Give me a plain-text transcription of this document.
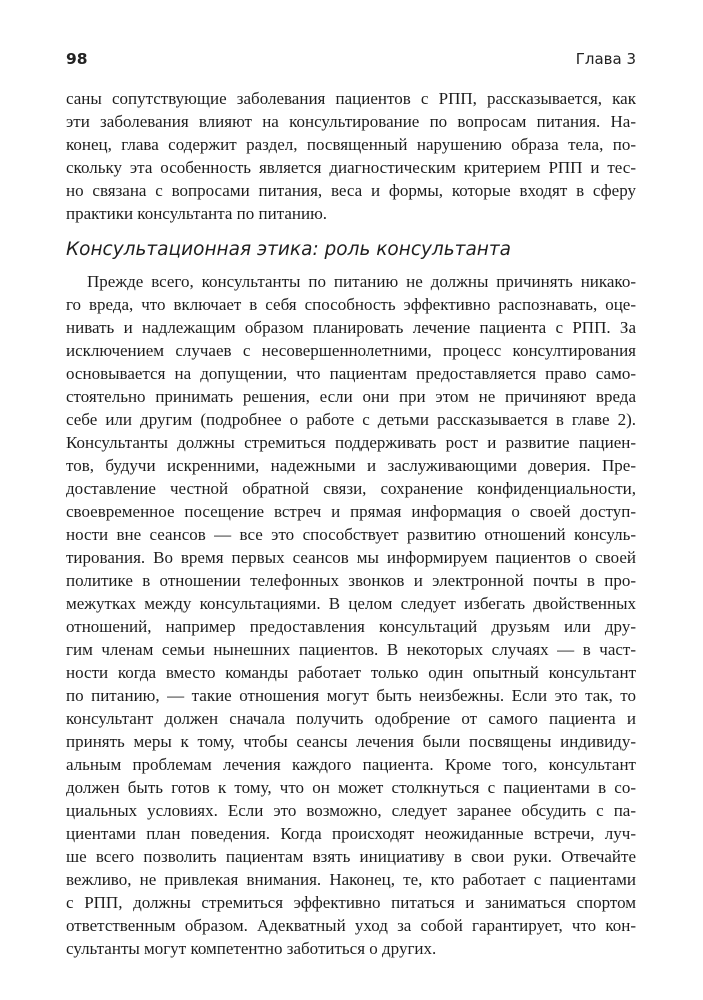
98	Глава 3
саны сопутствующие заболевания пациентов с РПП, рассказывается, как
эти заболевания влияют на консультирование по вопросам питания. На-
конец, глава содержит раздел, посвященный нарушению образа тела, по-
скольку эта особенность является диагностическим критерием РПП и тес-
но связана с вопросами питания, веса и формы, которые входят в сферу
практики консультанта по питанию.
Консультационная этика: роль консультанта
Прежде всего, консультанты по питанию не должны причинять никако-
го вреда, что включает в себя способность эффективно распознавать, оце-
нивать и надлежащим образом планировать лечение пациента с РПП. За
исключением случаев с несовершеннолетними, процесс консултирования
основывается на допущении, что пациентам предоставляется право само-
стоятельно принимать решения, если они при этом не причиняют вреда
себе или другим (подробнее о работе с детьми рассказывается в главе 2).
Консультанты должны стремиться поддерживать рост и развитие пациен-
тов, будучи искренними, надежными и заслуживающими доверия. Пре-
доставление честной обратной связи, сохранение конфиденциальности,
своевременное посещение встреч и прямая информация о своей доступ-
ности вне сеансов — все это способствует развитию отношений консуль-
тирования. Во время первых сеансов мы информируем пациентов о своей
политике в отношении телефонных звонков и электронной почты в про-
межутках между консультациями. В целом следует избегать двойственных
отношений, например предоставления консультаций друзьям или дру-
гим членам семьи нынешних пациентов. В некоторых случаях — в част-
ности когда вместо команды работает только один опытный консультант
по питанию, — такие отношения могут быть неизбежны. Если это так, то
консультант должен сначала получить одобрение от самого пациента и
принять меры к тому, чтобы сеансы лечения были посвящены индивиду-
альным проблемам лечения каждого пациента. Кроме того, консультант
должен быть готов к тому, что он может столкнуться с пациентами в со-
циальных условиях. Если это возможно, следует заранее обсудить с па-
циентами план поведения. Когда происходят неожиданные встречи, луч-
ше всего позволить пациентам взять инициативу в свои руки. Отвечайте
вежливо, не привлекая внимания. Наконец, те, кто работает с пациентами
с РПП, должны стремиться эффективно питаться и заниматься спортом
ответственным образом. Адекватный уход за собой гарантирует, что кон-
сультанты могут компетентно заботиться о других.
